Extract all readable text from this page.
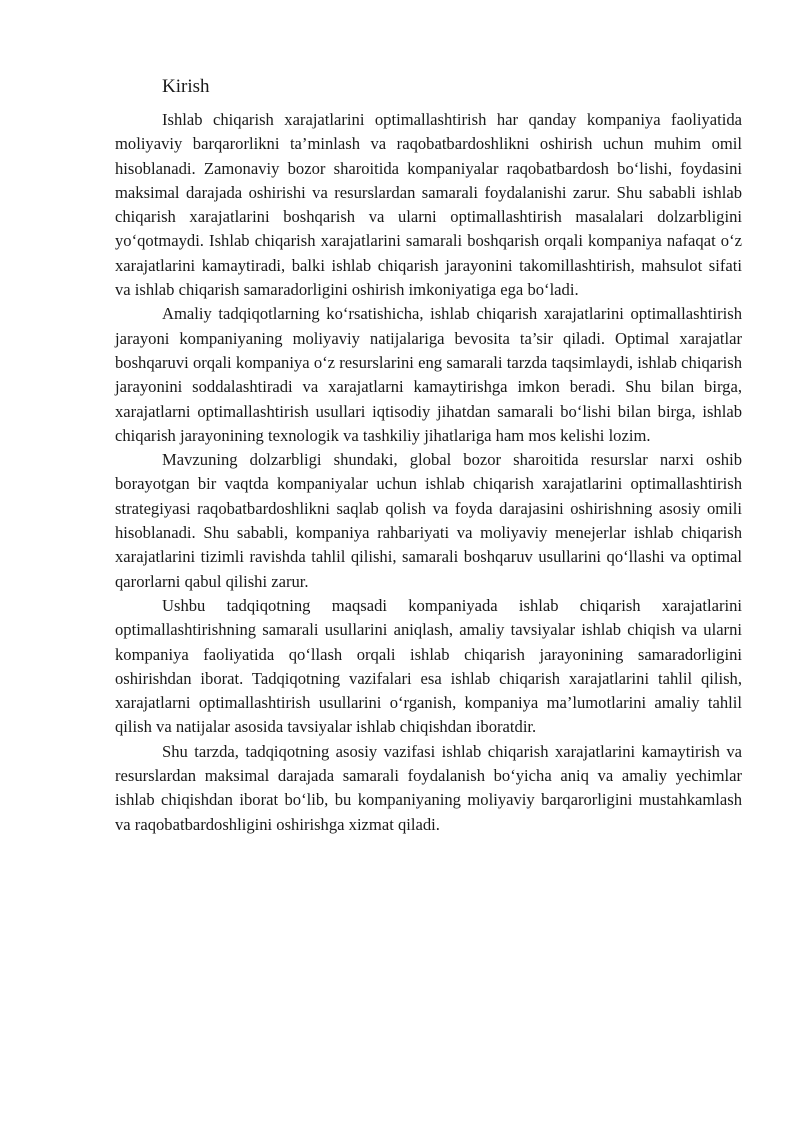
Kirish

Ishlab chiqarish xarajatlarini optimallashtirish har qanday kompaniya faoliyatida moliyaviy barqarorlikni ta’minlash va raqobatbardoshlikni oshirish uchun muhim omil hisoblanadi. Zamonaviy bozor sharoitida kompaniyalar raqobatbardosh bo‘lishi, foydasini maksimal darajada oshirishi va resurslardan samarali foydalanishi zarur. Shu sababli ishlab chiqarish xarajatlarini boshqarish va ularni optimallashtirish masalalari dolzarbligini yo‘qotmaydi. Ishlab chiqarish xarajatlarini samarali boshqarish orqali kompaniya nafaqat o‘z xarajatlarini kamaytiradi, balki ishlab chiqarish jarayonini takomillashtirish, mahsulot sifati va ishlab chiqarish samaradorligini oshirish imkoniyatiga ega bo‘ladi.

Amaliy tadqiqotlarning ko‘rsatishicha, ishlab chiqarish xarajatlarini optimallashtirish jarayoni kompaniyaning moliyaviy natijalariga bevosita ta’sir qiladi. Optimal xarajatlar boshqaruvi orqali kompaniya o‘z resurslarini eng samarali tarzda taqsimlaydi, ishlab chiqarish jarayonini soddalashtiradi va xarajatlarni kamaytirishga imkon beradi. Shu bilan birga, xarajatlarni optimallashtirish usullari iqtisodiy jihatdan samarali bo‘lishi bilan birga, ishlab chiqarish jarayonining texnologik va tashkiliy jihatlariga ham mos kelishi lozim.

Mavzuning dolzarbligi shundaki, global bozor sharoitida resurslar narxi oshib borayotgan bir vaqtda kompaniyalar uchun ishlab chiqarish xarajatlarini optimallashtirish strategiyasi raqobatbardoshlikni saqlab qolish va foyda darajasini oshirishning asosiy omili hisoblanadi. Shu sababli, kompaniya rahbariyati va moliyaviy menejerlar ishlab chiqarish xarajatlarini tizimli ravishda tahlil qilishi, samarali boshqaruv usullarini qo‘llashi va optimal qarorlarni qabul qilishi zarur.

Ushbu tadqiqotning maqsadi kompaniyada ishlab chiqarish xarajatlarini optimallashtirishning samarali usullarini aniqlash, amaliy tavsiyalar ishlab chiqish va ularni kompaniya faoliyatida qo‘llash orqali ishlab chiqarish jarayonining samaradorligini oshirishdan iborat. Tadqiqotning vazifalari esa ishlab chiqarish xarajatlarini tahlil qilish, xarajatlarni optimallashtirish usullarini o‘rganish, kompaniya ma’lumotlarini amaliy tahlil qilish va natijalar asosida tavsiyalar ishlab chiqishdan iboratdir.

Shu tarzda, tadqiqotning asosiy vazifasi ishlab chiqarish xarajatlarini kamaytirish va resurslardan maksimal darajada samarali foydalanish bo‘yicha aniq va amaliy yechimlar ishlab chiqishdan iborat bo‘lib, bu kompaniyaning moliyaviy barqarorligini mustahkamlash va raqobatbardoshligini oshirishga xizmat qiladi.
